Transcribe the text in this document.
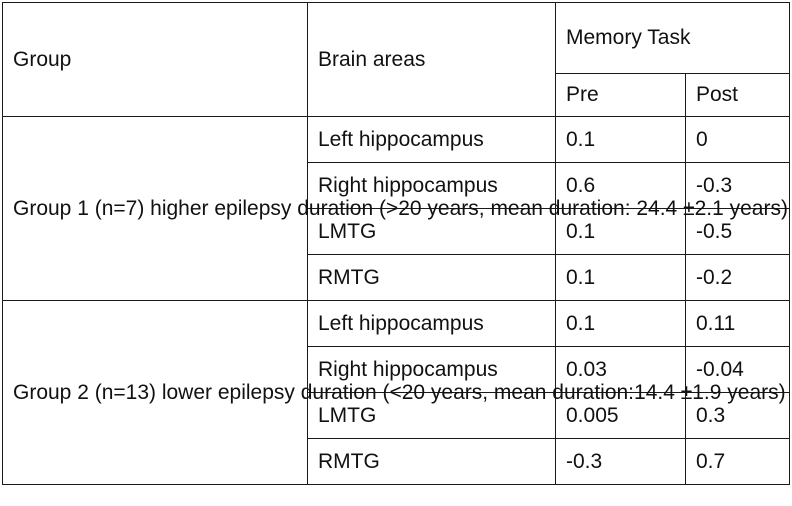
Group	Brain areas	Memory Task	
		Pre	Post
Group 1 (n=7) higher epilepsy duration (>20 years, mean duration: 24.4 ±2.1 years)	Left hippocampus	0.1	0
	Right hippocampus	0.6	-0.3
	LMTG	0.1	-0.5
	RMTG	0.1	-0.2
Group 2 (n=13) lower epilepsy duration (<20 years, mean duration:14.4 ±1.9 years)	Left hippocampus	0.1	0.11
	Right hippocampus	0.03	-0.04
	LMTG	0.005	0.3
	RMTG	-0.3	0.7
